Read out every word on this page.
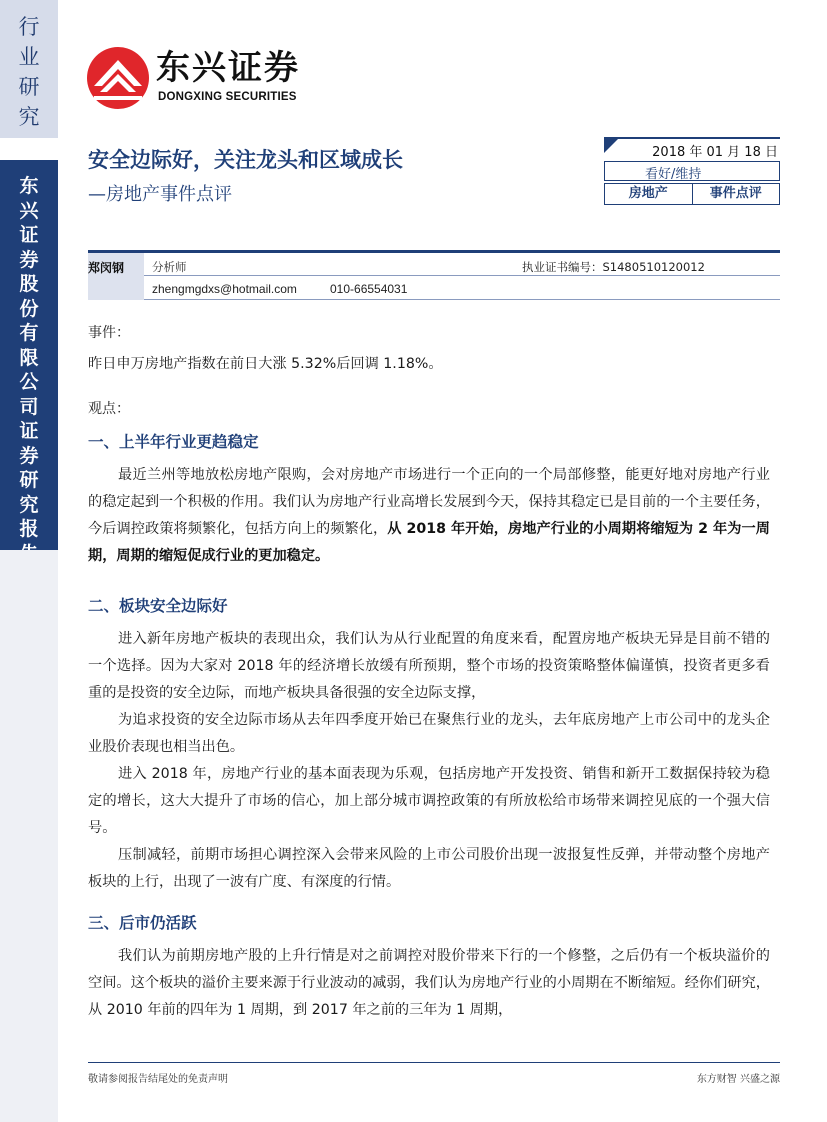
行业研究
东兴证券股份有限公司证券研究报
东兴证券
DONGXING SECURITIES
安全边际好，关注龙头和区域成长
—房地产事件点评
2018 年 01 月 18 日
看好/维持
房地产	事件点评
郑闵钢 分析师	执业证书编号：S1480510120012
zhengmgdxs@hotmail.com	010-66554031
事件：
昨日申万房地产指数在前日大涨 5.32%后回调 1.18%。
观点：
一、上半年行业更趋稳定
最近兰州等地放松房地产限购，会对房地产市场进行一个正向的一个局部修整，能更好地对房地产行业的稳定起到一个积极的作用。我们认为房地产行业高增长发展到今天，保持其稳定已是目前的一个主要任务，今后调控政策将频繁化，包括方向上的频繁化，从 2018 年开始，房地产行业的小周期将缩短为 2 年为一周期，周期的缩短促成行业的更加稳定。
二、板块安全边际好
进入新年房地产板块的表现出众，我们认为从行业配置的角度来看，配置房地产板块无异是目前不错的一个选择。因为大家对 2018 年的经济增长放缓有所预期，整个市场的投资策略整体偏谨慎，投资者更多看重的是投资的安全边际，而地产板块具备很强的安全边际支撑，
为追求投资的安全边际市场从去年四季度开始已在聚焦行业的龙头，去年底房地产上市公司中的龙头企业股价表现也相当出色。
进入 2018 年，房地产行业的基本面表现为乐观，包括房地产开发投资、销售和新开工数据保持较为稳定的增长，这大大提升了市场的信心，加上部分城市调控政策的有所放松给市场带来调控见底的一个强大信号。
压制减轻，前期市场担心调控深入会带来风险的上市公司股价出现一波报复性反弹，并带动整个房地产板块的上行，出现了一波有广度、有深度的行情。
三、后市仍活跃
我们认为前期房地产股的上升行情是对之前调控对股价带来下行的一个修整，之后仍有一个板块溢价的空间。这个板块的溢价主要来源于行业波动的减弱，我们认为房地产行业的小周期在不断缩短。经你们研究，从 2010 年前的四年为 1 周期，到 2017 年之前的三年为 1 周期，
敬请参阅报告结尾处的免责声明	东方财智 兴盛之源
